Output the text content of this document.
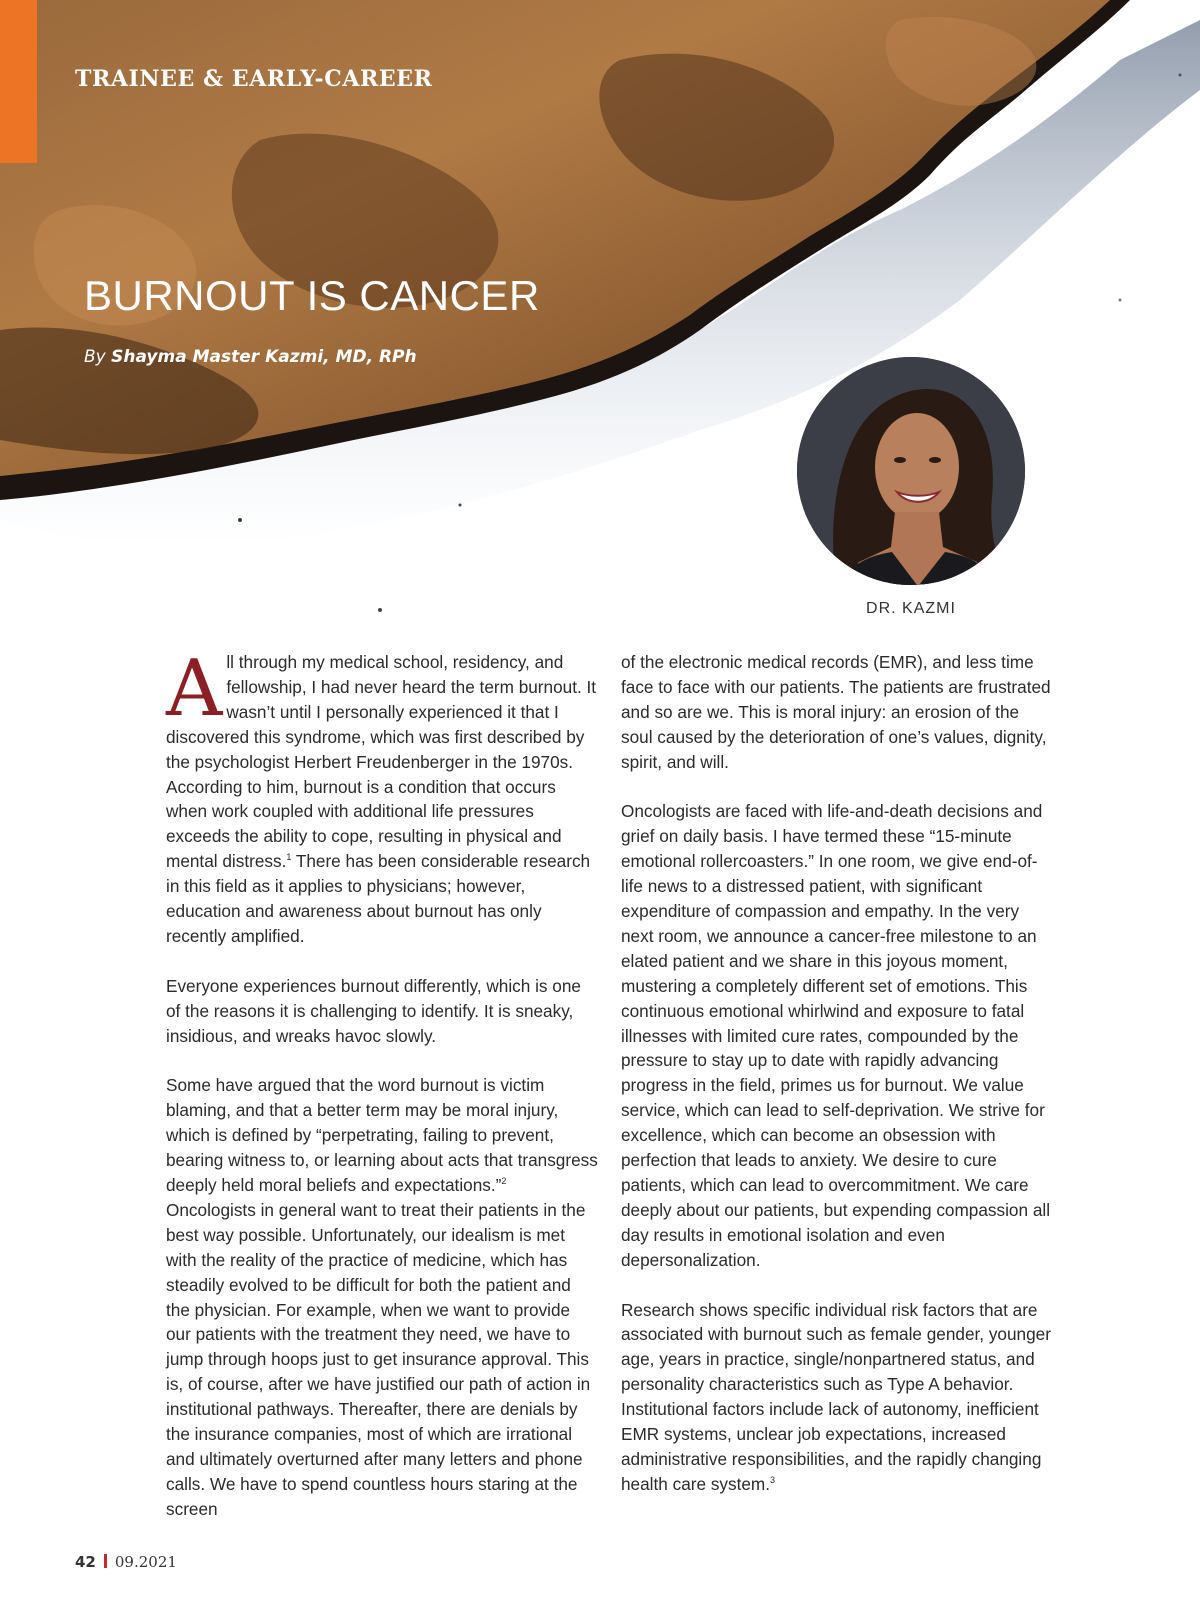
TRAINEE & EARLY-CAREER
BURNOUT IS CANCER

By Shayma Master Kazmi, MD, RPh

DR. KAZMI

All through my medical school, residency, and fellowship, I had never heard the term burnout. It wasn’t until I personally experienced it that I discovered this syndrome, which was first described by the psychologist Herbert Freudenberger in the 1970s. According to him, burnout is a condition that occurs when work coupled with additional life pressures exceeds the ability to cope, resulting in physical and mental distress.$^1$ There has been considerable research in this field as it applies to physicians; however, education and awareness about burnout has only recently amplified.

Everyone experiences burnout differently, which is one of the reasons it is challenging to identify. It is sneaky, insidious, and wreaks havoc slowly.

Some have argued that the word burnout is victim blaming, and that a better term may be moral injury, which is defined by “perpetrating, failing to prevent, bearing witness to, or learning about acts that transgress deeply held moral beliefs and expectations.”$^2$ Oncologists in general want to treat their patients in the best way possible. Unfortunately, our idealism is met with the reality of the practice of medicine, which has steadily evolved to be difficult for both the patient and the physician. For example, when we want to provide our patients with the treatment they need, we have to jump through hoops just to get insurance approval. This is, of course, after we have justified our path of action in institutional pathways. Thereafter, there are denials by the insurance companies, most of which are irrational and ultimately overturned after many letters and phone calls. We have to spend countless hours staring at the screen

of the electronic medical records (EMR), and less time face to face with our patients. The patients are frustrated and so are we. This is moral injury: an erosion of the soul caused by the deterioration of one’s values, dignity, spirit, and will.

Oncologists are faced with life-and-death decisions and grief on daily basis. I have termed these “15-minute emotional rollercoasters.” In one room, we give end-of-life news to a distressed patient, with significant expenditure of compassion and empathy. In the very next room, we announce a cancer-free milestone to an elated patient and we share in this joyous moment, mustering a completely different set of emotions. This continuous emotional whirlwind and exposure to fatal illnesses with limited cure rates, compounded by the pressure to stay up to date with rapidly advancing progress in the field, primes us for burnout. We value service, which can lead to self-deprivation. We strive for excellence, which can become an obsession with perfection that leads to anxiety. We desire to cure patients, which can lead to overcommitment. We care deeply about our patients, but expending compassion all day results in emotional isolation and even depersonalization.

Research shows specific individual risk factors that are associated with burnout such as female gender, younger age, years in practice, single/nonpartnered status, and personality characteristics such as Type A behavior. Institutional factors include lack of autonomy, inefficient EMR systems, unclear job expectations, increased administrative responsibilities, and the rapidly changing health care system.$^3$

42 09.2021
